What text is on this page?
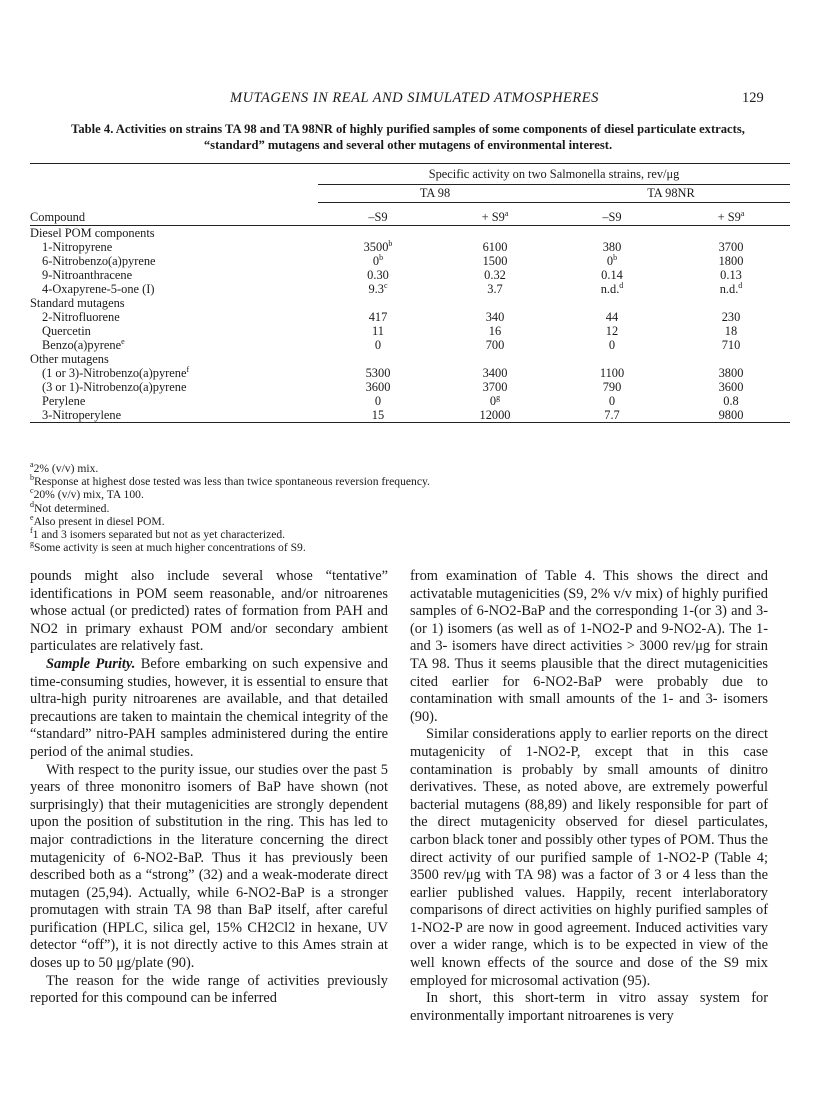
MUTAGENS IN REAL AND SIMULATED ATMOSPHERES	129
Table 4. Activities on strains TA 98 and TA 98NR of highly purified samples of some components of diesel particulate extracts,
“standard” mutagens and several other mutagens of environmental interest.
	Specific activity on two Salmonella strains, rev/μg			
	TA 98		TA 98NR	
Compound	–S9	+ $S9^a$	–S9	+ $S9^a$
Diesel POM components				
1-Nitropyrene	3500$^b$	6100	380	3700
6-Nitrobenzo(a)pyrene	0$^b$	1500	0$^b$	1800
9-Nitroanthracene	0.30	0.32	0.14	0.13
4-Oxapyrene-5-one (I)	9.3$^c$	3.7	n.d.$^d$	n.d.$^d$
Standard mutagens				
2-Nitrofluorene	417	340	44	230
Quercetin	11	16	12	18
Benzo(a)pyrene$^e$	0	700	0	710
Other mutagens				
(1 or 3)-Nitrobenzo(a)pyrene$^f$	5300	3400	1100	3800
(3 or 1)-Nitrobenzo(a)pyrene	3600	3700	790	3600
Perylene	0	0$^g$	0	0.8
3-Nitroperylene	15	12000	7.7	9800
$^a$2% (v/v) mix.
$^b$Response at highest dose tested was less than twice spontaneous reversion frequency.
$^c$20% (v/v) mix, TA 100.
$^d$Not determined.
$^e$Also present in diesel POM.
$^f$1 and 3 isomers separated but not as yet characterized.
$^g$Some activity is seen at much higher concentrations of S9.

pounds might also include several whose “tentative” identifications in POM seem reasonable, and/or nitroarenes whose actual (or predicted) rates of formation from PAH and NO2 in primary exhaust POM and/or secondary ambient particulates are relatively fast.

Sample Purity. Before embarking on such expensive and time-consuming studies, however, it is essential to ensure that ultra-high purity nitroarenes are available, and that detailed precautions are taken to maintain the chemical integrity of the “standard” nitro-PAH samples administered during the entire period of the animal studies.

With respect to the purity issue, our studies over the past 5 years of three mononitro isomers of BaP have shown (not surprisingly) that their mutagenicities are strongly dependent upon the position of substitution in the ring. This has led to major contradictions in the literature concerning the direct mutagenicity of 6-NO2-BaP. Thus it has previously been described both as a “strong” (32) and a weak-moderate direct mutagen (25,94). Actually, while 6-NO2-BaP is a stronger promutagen with strain TA 98 than BaP itself, after careful purification (HPLC, silica gel, 15% CH2Cl2 in hexane, UV detector “off”), it is not directly active to this Ames strain at doses up to 50 μg/plate (90).

The reason for the wide range of activities previously reported for this compound can be inferred

from examination of Table 4. This shows the direct and activatable mutagenicities (S9, 2% v/v mix) of highly purified samples of 6-NO2-BaP and the corresponding 1-(or 3) and 3-(or 1) isomers (as well as of 1-NO2-P and 9-NO2-A). The 1- and 3- isomers have direct activities > 3000 rev/μg for strain TA 98. Thus it seems plausible that the direct mutagenicities cited earlier for 6-NO2-BaP were probably due to contamination with small amounts of the 1- and 3- isomers (90).

Similar considerations apply to earlier reports on the direct mutagenicity of 1-NO2-P, except that in this case contamination is probably by small amounts of dinitro derivatives. These, as noted above, are extremely powerful bacterial mutagens (88,89) and likely responsible for part of the direct mutagenicity observed for diesel particulates, carbon black toner and possibly other types of POM. Thus the direct activity of our purified sample of 1-NO2-P (Table 4; 3500 rev/μg with TA 98) was a factor of 3 or 4 less than the earlier published values. Happily, recent interlaboratory comparisons of direct activities on highly purified samples of 1-NO2-P are now in good agreement. Induced activities vary over a wider range, which is to be expected in view of the well known effects of the source and dose of the S9 mix employed for microsomal activation (95).

In short, this short-term in vitro assay system for environmentally important nitroarenes is very
